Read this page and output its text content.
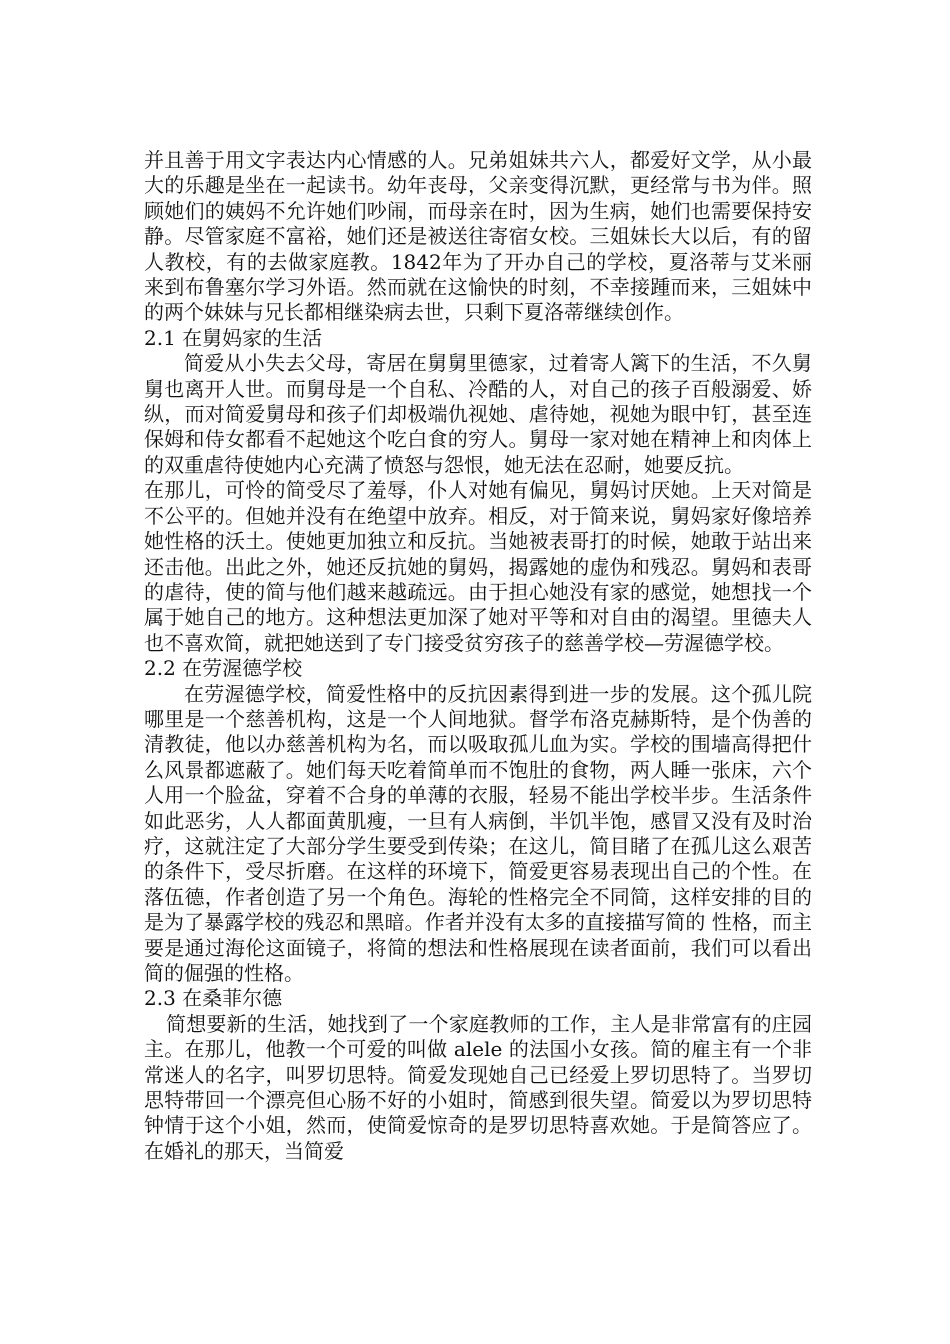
并且善于用文字表达内心情感的人。兄弟姐妹共六人，都爱好文学，从小最大的乐趣是坐在一起读书。幼年丧母，父亲变得沉默，更经常与书为伴。照顾她们的姨妈不允许她们吵闹，而母亲在时，因为生病，她们也需要保持安静。尽管家庭不富裕，她们还是被送往寄宿女校。三姐妹长大以后，有的留人教校，有的去做家庭教。1842年为了开办自己的学校，夏洛蒂与艾米丽来到布鲁塞尔学习外语。然而就在这愉快的时刻，不幸接踵而来，三姐妹中的两个妹妹与兄长都相继染病去世，只剩下夏洛蒂继续创作。

2.1 在舅妈家的生活

简爱从小失去父母，寄居在舅舅里德家，过着寄人篱下的生活，不久舅舅也离开人世。而舅母是一个自私、冷酷的人，对自己的孩子百般溺爱、娇纵，而对简爱舅母和孩子们却极端仇视她、虐待她，视她为眼中钉，甚至连保姆和侍女都看不起她这个吃白食的穷人。舅母一家对她在精神上和肉体上的双重虐待使她内心充满了愤怒与怨恨，她无法在忍耐，她要反抗。

在那儿，可怜的简受尽了羞辱，仆人对她有偏见，舅妈讨厌她。上天对简是不公平的。但她并没有在绝望中放弃。相反，对于简来说，舅妈家好像培养她性格的沃土。使她更加独立和反抗。当她被表哥打的时候，她敢于站出来还击他。出此之外，她还反抗她的舅妈，揭露她的虚伪和残忍。舅妈和表哥的虐待，使的简与他们越来越疏远。由于担心她没有家的感觉，她想找一个属于她自己的地方。这种想法更加深了她对平等和对自由的渴望。里德夫人也不喜欢简，就把她送到了专门接受贫穷孩子的慈善学校—劳渥德学校。

2.2 在劳渥德学校

在劳渥德学校，简爱性格中的反抗因素得到进一步的发展。这个孤儿院哪里是一个慈善机构，这是一个人间地狱。督学布洛克赫斯特，是个伪善的清教徒，他以办慈善机构为名，而以吸取孤儿血为实。学校的围墙高得把什么风景都遮蔽了。她们每天吃着简单而不饱肚的食物，两人睡一张床，六个人用一个脸盆，穿着不合身的单薄的衣服，轻易不能出学校半步。生活条件如此恶劣，人人都面黄肌瘦，一旦有人病倒，半饥半饱，感冒又没有及时治疗，这就注定了大部分学生要受到传染；在这儿，简目睹了在孤儿这么艰苦的条件下，受尽折磨。在这样的环境下，简爱更容易表现出自己的个性。在落伍德，作者创造了另一个角色。海轮的性格完全不同简，这样安排的目的是为了暴露学校的残忍和黑暗。作者并没有太多的直接描写简的 性格，而主要是通过海伦这面镜子，将简的想法和性格展现在读者面前，我们可以看出简的倔强的性格。

2.3 在桑菲尔德

简想要新的生活，她找到了一个家庭教师的工作，主人是非常富有的庄园主。在那儿，他教一个可爱的叫做 alele 的法国小女孩。简的雇主有一个非常迷人的名字，叫罗切思特。简爱发现她自己已经爱上罗切思特了。当罗切思特带回一个漂亮但心肠不好的小姐时，简感到很失望。简爱以为罗切思特钟情于这个小姐，然而，使简爱惊奇的是罗切思特喜欢她。于是简答应了。在婚礼的那天，当简爱
